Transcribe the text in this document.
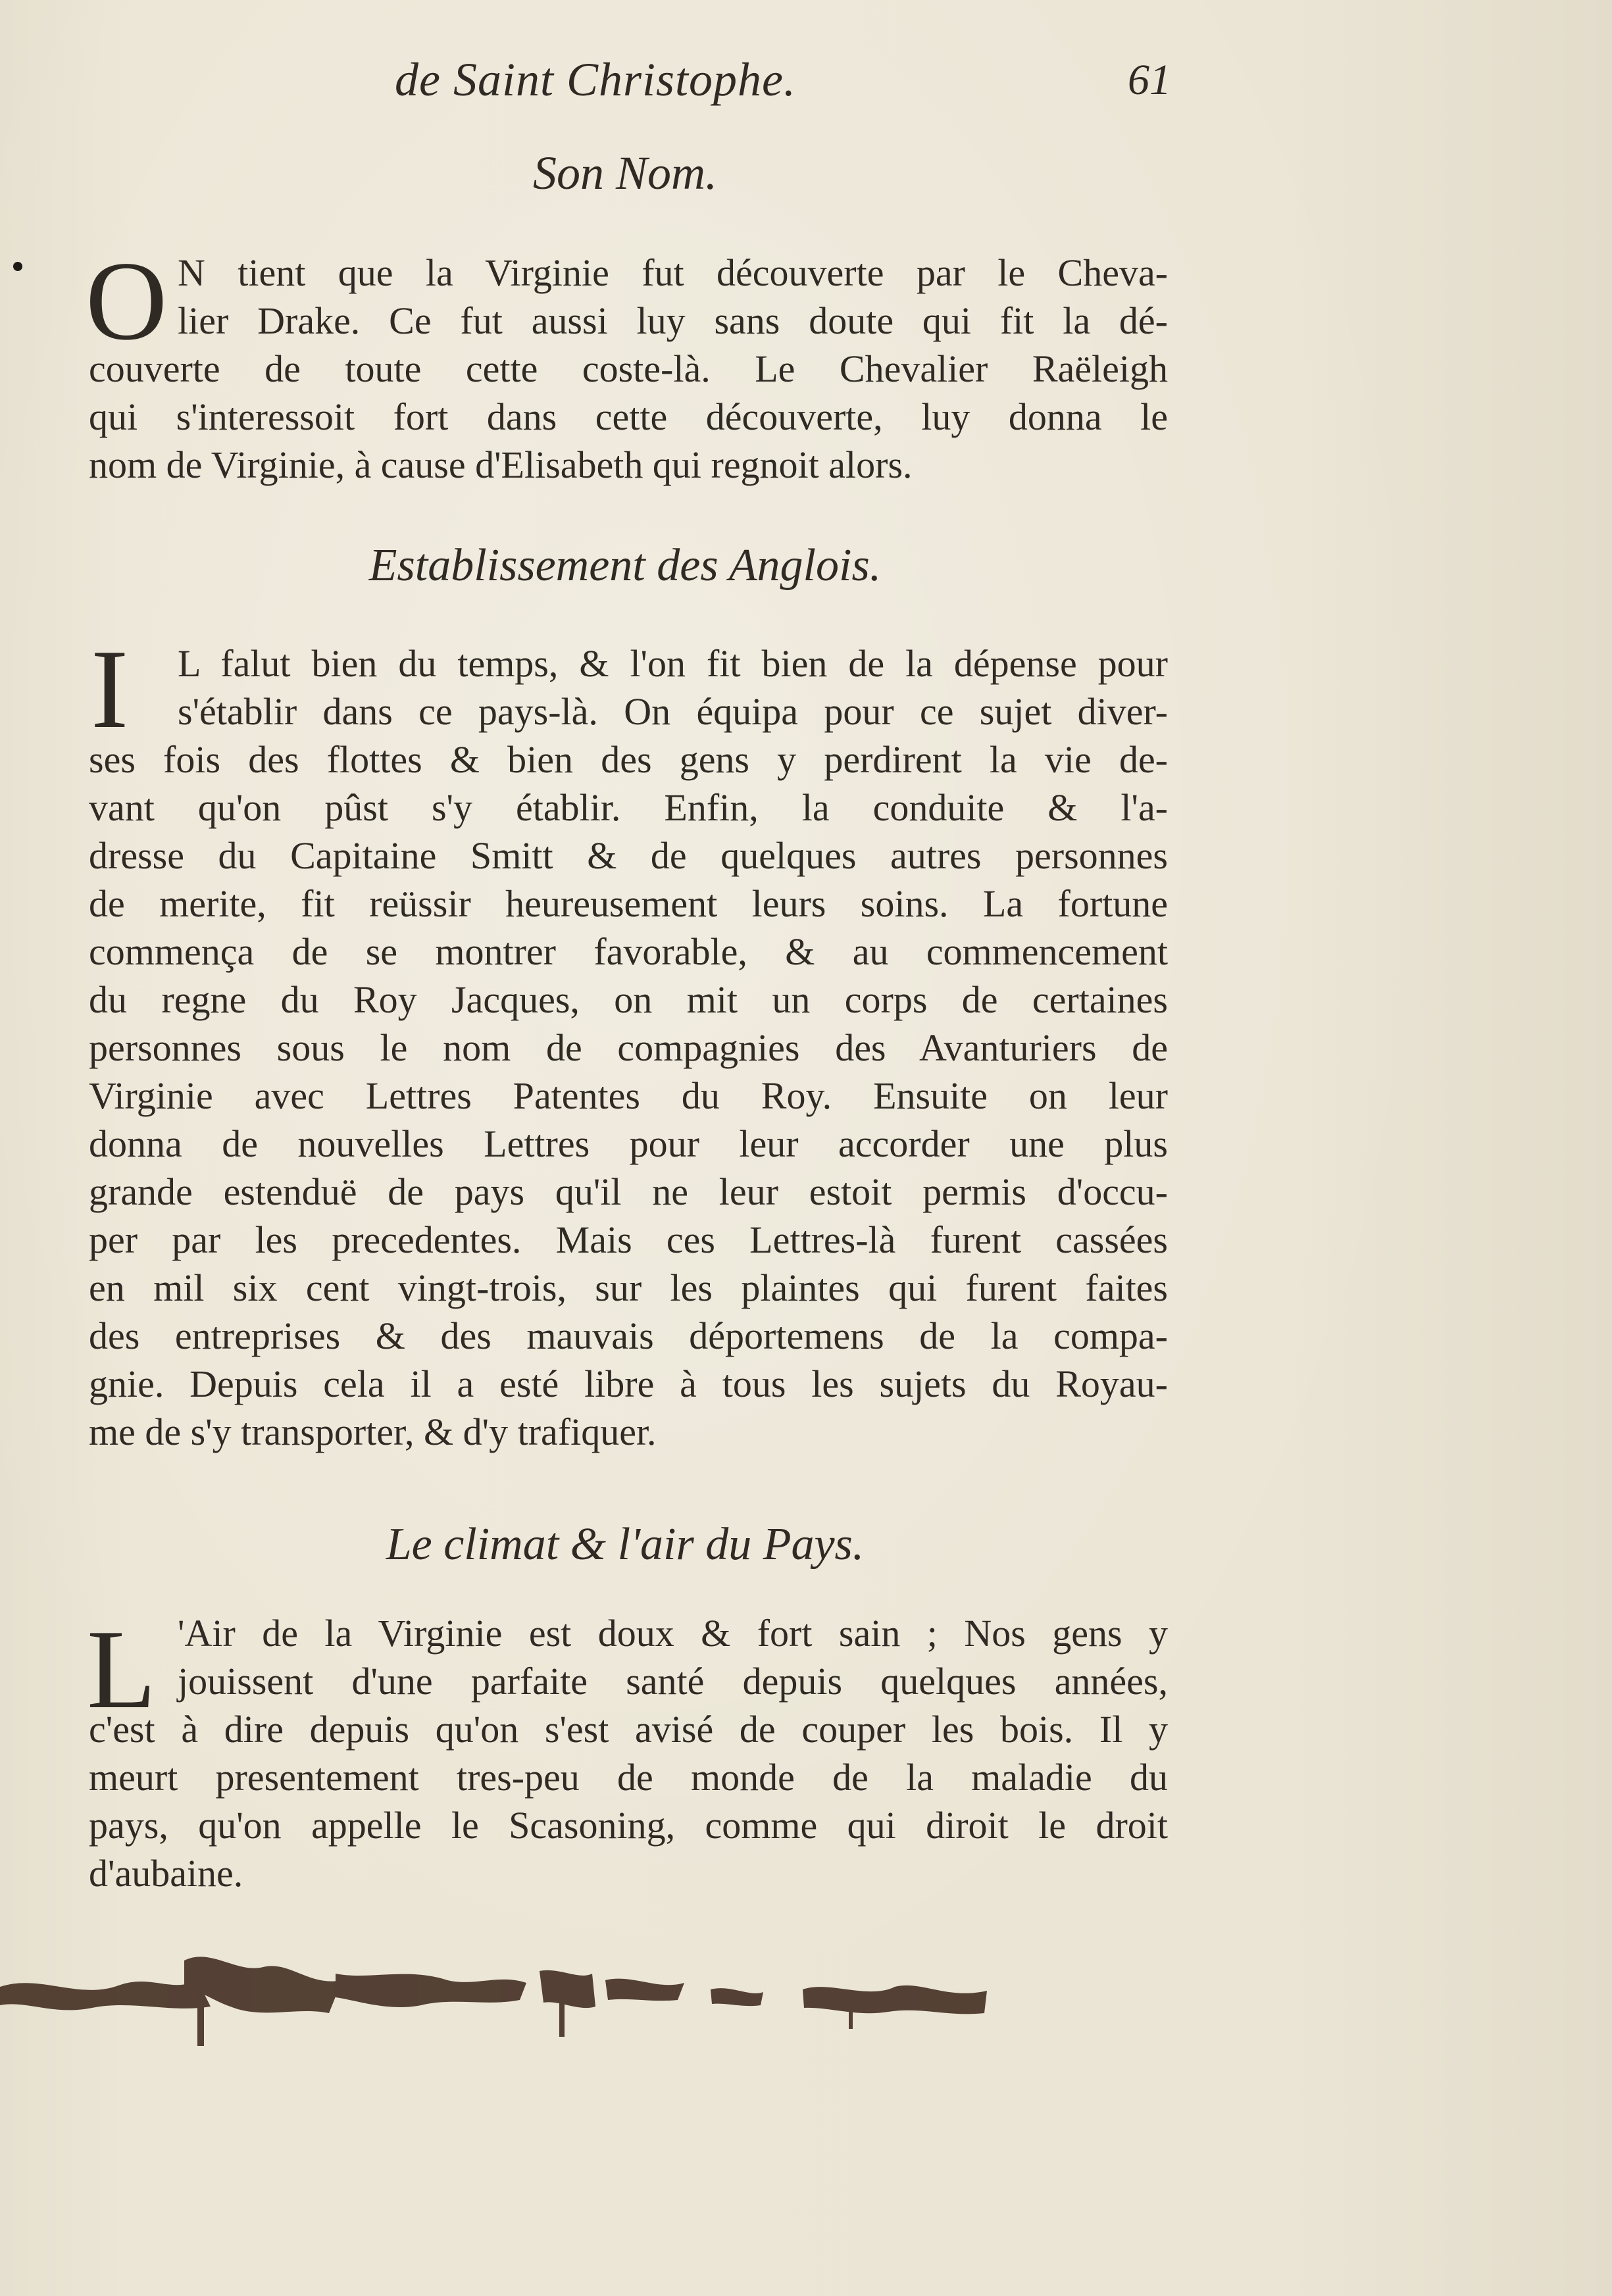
de Saint Christophe.	61
Son Nom.
O N tient que la Virginie fut découverte par le Cheva-
lier Drake. Ce fut aussi luy sans doute qui fit la dé-
couverte de toute cette coste-là. Le Chevalier Raëleigh
qui s'interessoit fort dans cette découverte, luy donna le
nom de Virginie, à cause d'Elisabeth qui regnoit alors.
Establissement des Anglois.
I	L falut bien du temps, & l'on fit bien de la dépense pour
s'établir dans ce pays-là. On équipa pour ce sujet diver-
ses fois des flottes & bien des gens y perdirent la vie de-
vant qu'on pûst s'y établir. Enfin, la conduite & l'a-
dresse du Capitaine Smitt & de quelques autres personnes
de merite, fit reüssir heureusement leurs soins. La fortune
commença de se montrer favorable, & au commencement
du regne du Roy Jacques, on mit un corps de certaines
personnes sous le nom de compagnies des Avanturiers de
Virginie avec Lettres Patentes du Roy. Ensuite on leur
donna de nouvelles Lettres pour leur accorder une plus
grande estenduë de pays qu'il ne leur estoit permis d'occu-
per par les precedentes. Mais ces Lettres-là furent cassées
en mil six cent vingt-trois, sur les plaintes qui furent faites
des entreprises & des mauvais déportemens de la compa-
gnie. Depuis cela il a esté libre à tous les sujets du Royau-
me de s'y transporter, & d'y trafiquer.
Le climat & l'air du Pays.
L 'Air de la Virginie est doux & fort sain ; Nos gens y
jouissent d'une parfaite santé depuis quelques années,
c'est à dire depuis qu'on s'est avisé de couper les bois. Il y
meurt presentement tres-peu de monde de la maladie du
pays, qu'on appelle le Scasoning, comme qui diroit le droit
d'aubaine.
